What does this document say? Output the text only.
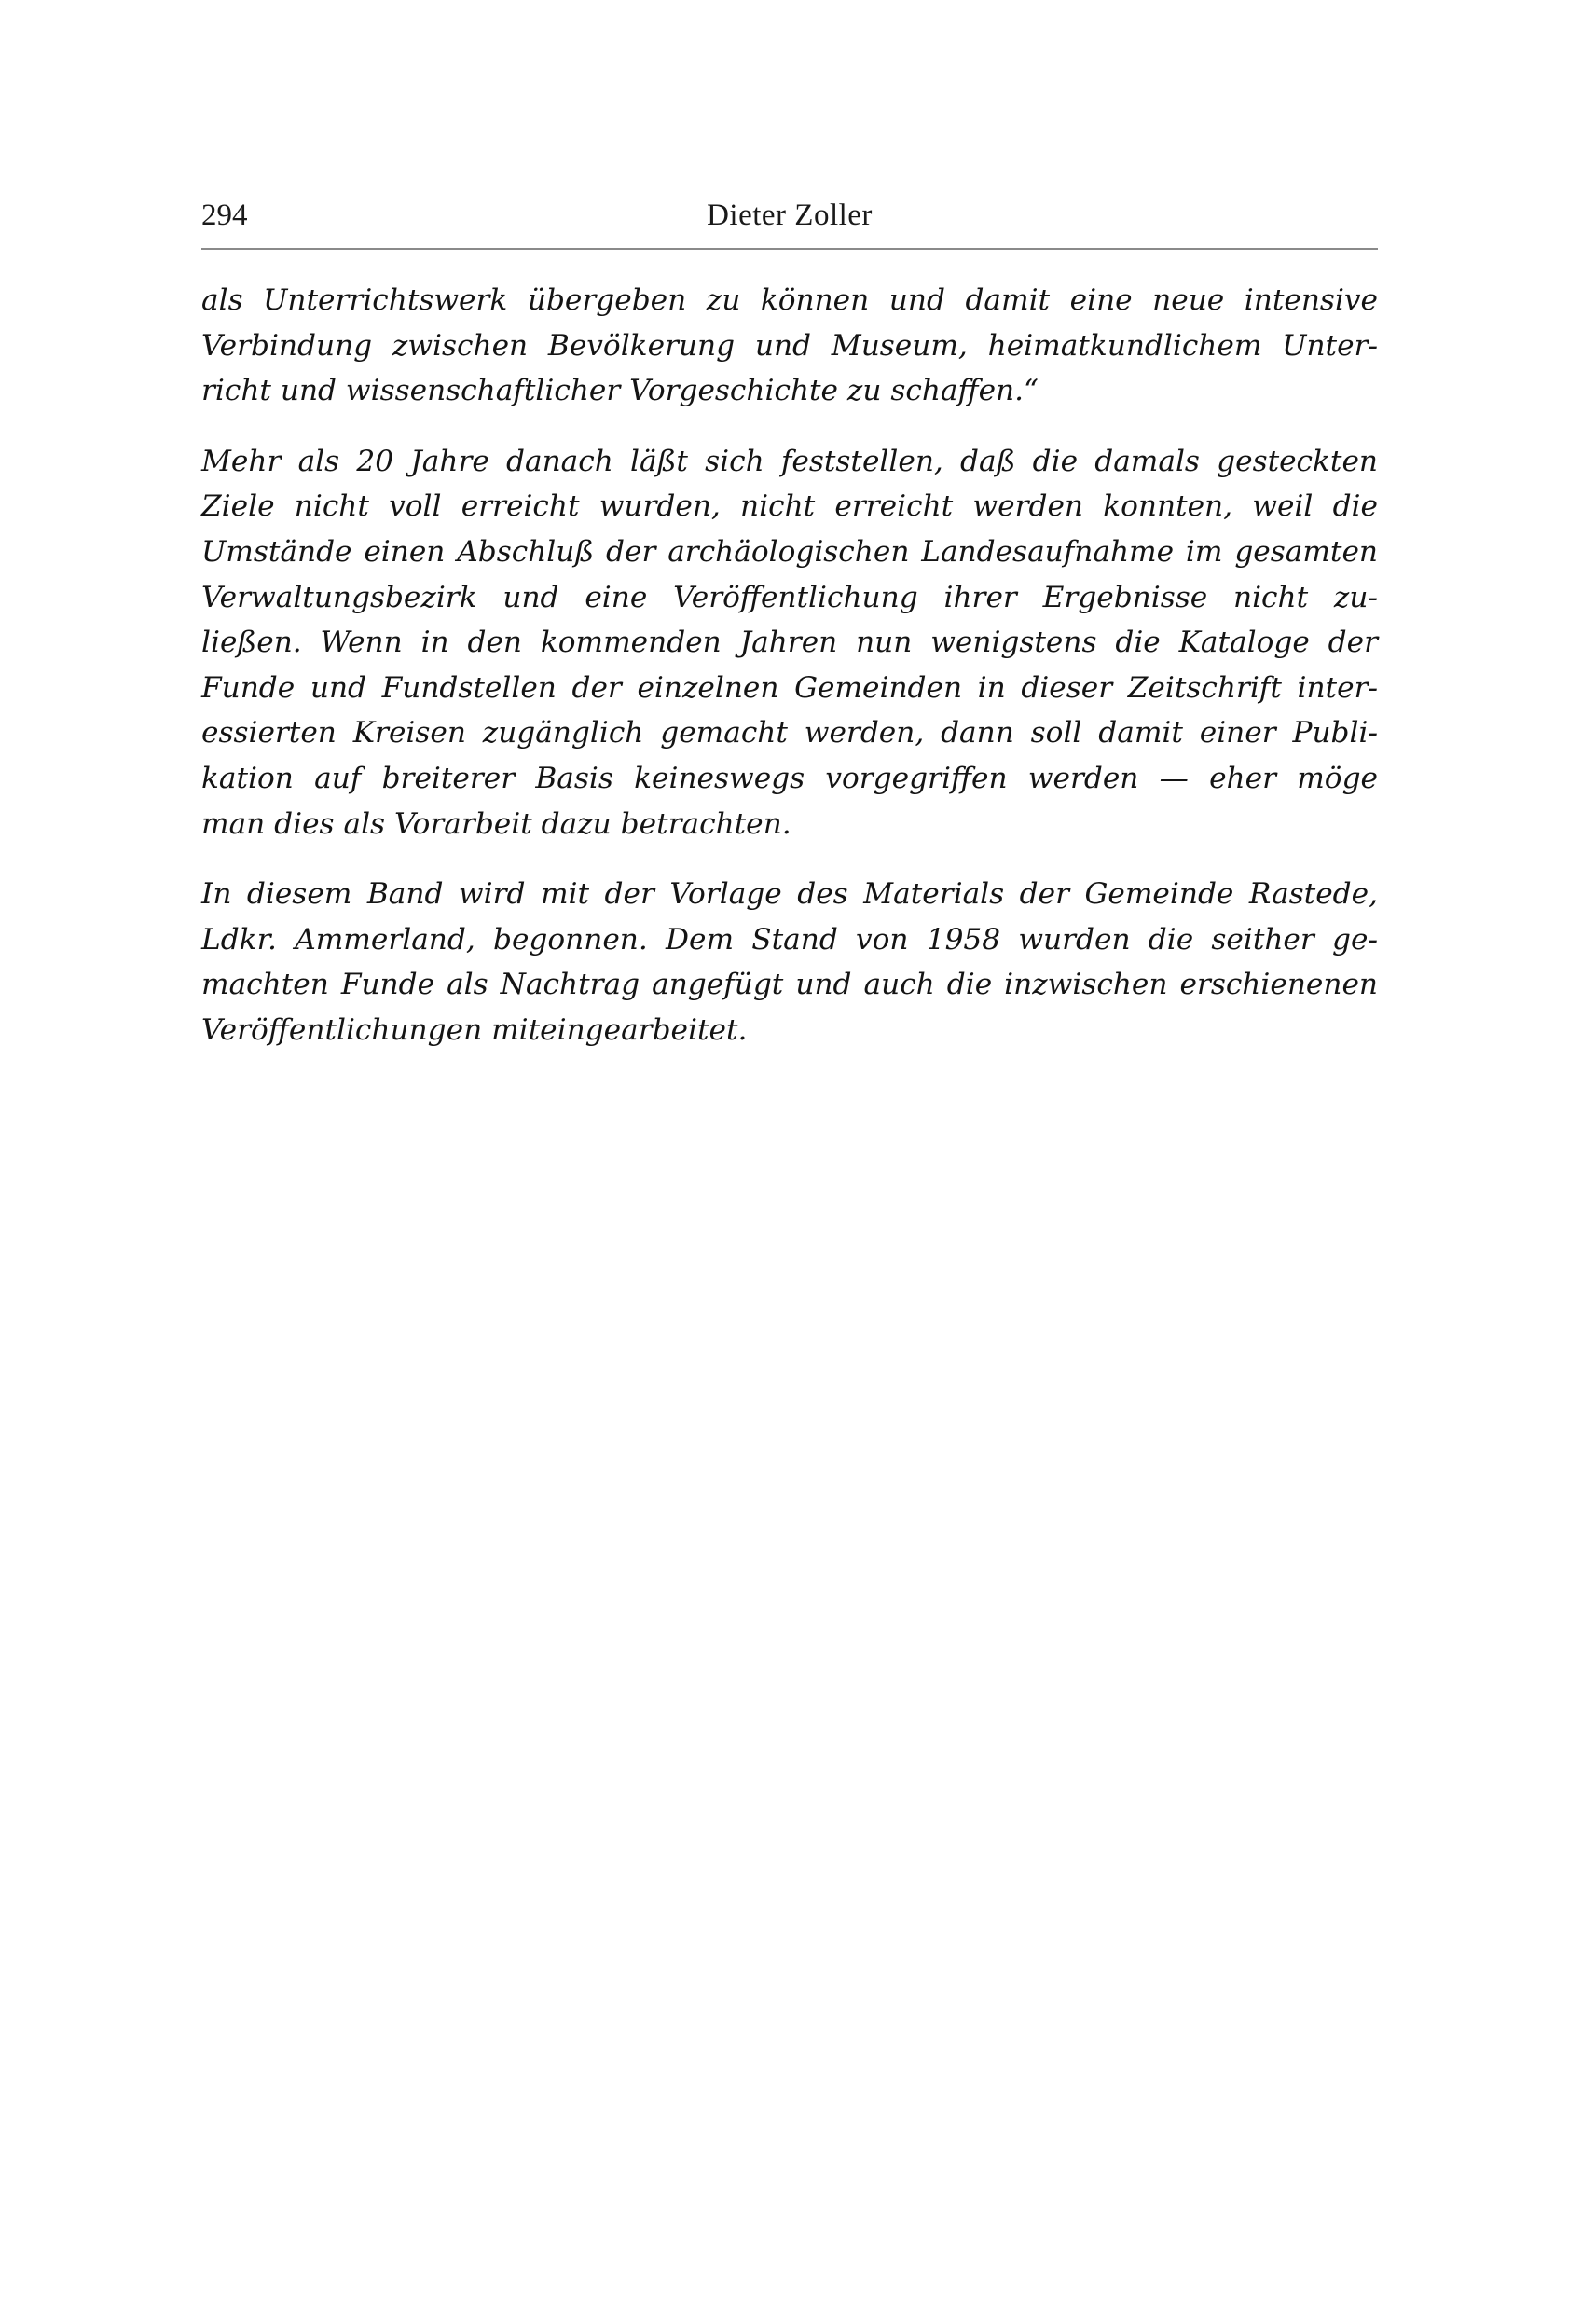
294	Dieter Zoller
als Unterrichtswerk übergeben zu können und damit eine neue intensive
Verbindung zwischen Bevölkerung und Museum, heimatkundlichem Unter-
richt und wissenschaftlicher Vorgeschichte zu schaffen.“
Mehr als 20 Jahre danach läßt sich feststellen, daß die damals gesteckten
Ziele nicht voll erreicht wurden, nicht erreicht werden konnten, weil die
Umstände einen Abschluß der archäologischen Landesaufnahme im gesamten
Verwaltungsbezirk und eine Veröffentlichung ihrer Ergebnisse nicht zu-
ließen. Wenn in den kommenden Jahren nun wenigstens die Kataloge der
Funde und Fundstellen der einzelnen Gemeinden in dieser Zeitschrift inter-
essierten Kreisen zugänglich gemacht werden, dann soll damit einer Publi-
kation auf breiterer Basis keineswegs vorgegriffen werden — eher möge
man dies als Vorarbeit dazu betrachten.
In diesem Band wird mit der Vorlage des Materials der Gemeinde Rastede,
Ldkr. Ammerland, begonnen. Dem Stand von 1958 wurden die seither ge-
machten Funde als Nachtrag angefügt und auch die inzwischen erschienenen
Veröffentlichungen miteingearbeitet.
